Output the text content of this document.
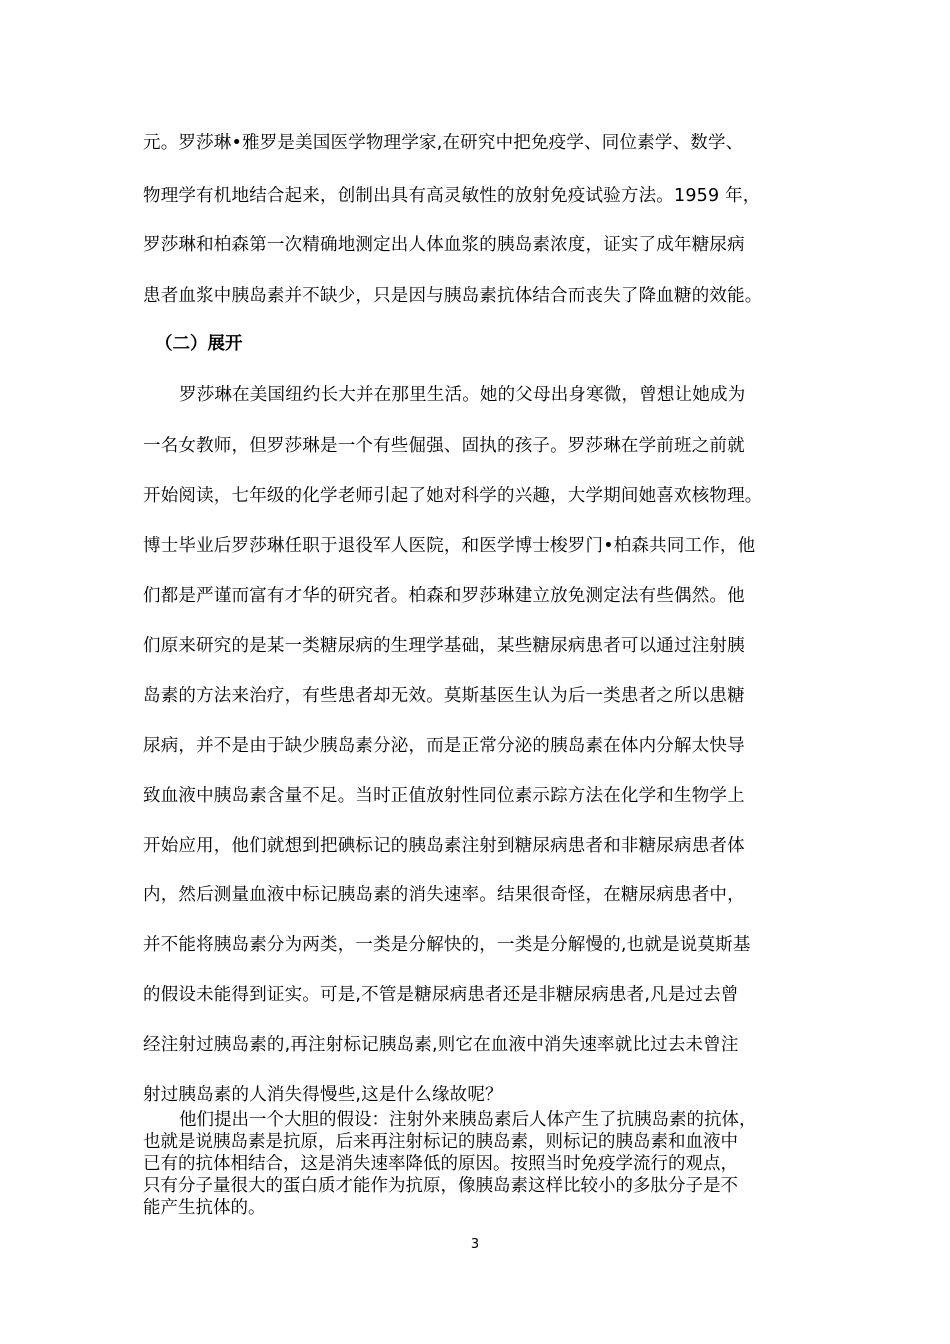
元。罗莎琳•雅罗是美国医学物理学家,在研究中把免疫学、同位素学、数学、
物理学有机地结合起来，创制出具有高灵敏性的放射免疫试验方法。1959 年，
罗莎琳和柏森第一次精确地测定出人体血浆的胰岛素浓度，证实了成年糖尿病
患者血浆中胰岛素并不缺少，只是因与胰岛素抗体结合而丧失了降血糖的效能。
（二）展开
罗莎琳在美国纽约长大并在那里生活。她的父母出身寒微，曾想让她成为
一名女教师，但罗莎琳是一个有些倔强、固执的孩子。罗莎琳在学前班之前就
开始阅读，七年级的化学老师引起了她对科学的兴趣，大学期间她喜欢核物理。
博士毕业后罗莎琳任职于退役军人医院，和医学博士梭罗门•柏森共同工作，他
们都是严谨而富有才华的研究者。柏森和罗莎琳建立放免测定法有些偶然。他
们原来研究的是某一类糖尿病的生理学基础，某些糖尿病患者可以通过注射胰
岛素的方法来治疗，有些患者却无效。莫斯基医生认为后一类患者之所以患糖
尿病，并不是由于缺少胰岛素分泌，而是正常分泌的胰岛素在体内分解太快导
致血液中胰岛素含量不足。当时正值放射性同位素示踪方法在化学和生物学上
开始应用，他们就想到把碘标记的胰岛素注射到糖尿病患者和非糖尿病患者体
内，然后测量血液中标记胰岛素的消失速率。结果很奇怪，在糖尿病患者中，
并不能将胰岛素分为两类，一类是分解快的，一类是分解慢的,也就是说莫斯基
的假设未能得到证实。可是,不管是糖尿病患者还是非糖尿病患者,凡是过去曾
经注射过胰岛素的,再注射标记胰岛素,则它在血液中消失速率就比过去未曾注
射过胰岛素的人消失得慢些,这是什么缘故呢？
他们提出一个大胆的假设：注射外来胰岛素后人体产生了抗胰岛素的抗体，
也就是说胰岛素是抗原，后来再注射标记的胰岛素，则标记的胰岛素和血液中
已有的抗体相结合，这是消失速率降低的原因。按照当时免疫学流行的观点，
只有分子量很大的蛋白质才能作为抗原，像胰岛素这样比较小的多肽分子是不
能产生抗体的。
3
